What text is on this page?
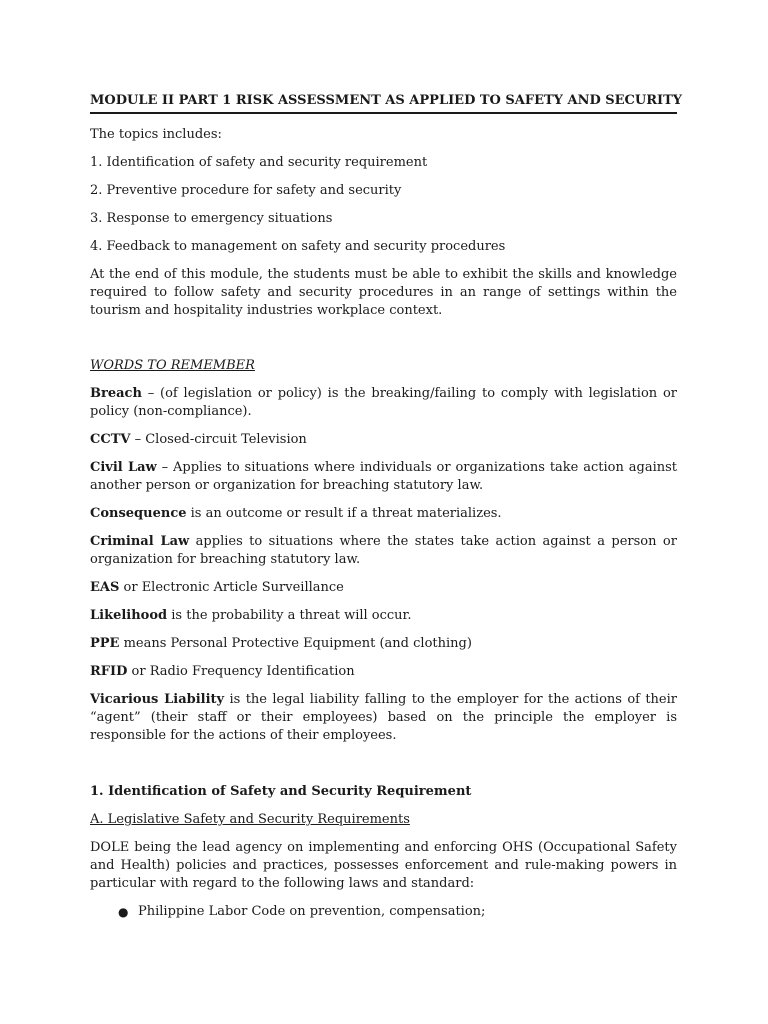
MODULE II PART 1 RISK ASSESSMENT AS APPLIED TO SAFETY AND SECURITY
The topics includes:
1. Identification of safety and security requirement
2. Preventive procedure for safety and security
3. Response to emergency situations
4. Feedback to management on safety and security procedures

At the end of this module, the students must be able to exhibit the skills and knowledge required to follow safety and security procedures in an range of settings within the tourism and hospitality industries workplace context.

WORDS TO REMEMBER

Breach – (of legislation or policy) is the breaking/failing to comply with legislation or policy (non-compliance).

CCTV – Closed-circuit Television

Civil Law – Applies to situations where individuals or organizations take action against another person or organization for breaching statutory law.

Consequence is an outcome or result if a threat materializes.

Criminal Law applies to situations where the states take action against a person or organization for breaching statutory law.

EAS or Electronic Article Surveillance

Likelihood is the probability a threat will occur.

PPE means Personal Protective Equipment (and clothing)

RFID or Radio Frequency Identification

Vicarious Liability is the legal liability falling to the employer for the actions of their “agent” (their staff or their employees) based on the principle the employer is responsible for the actions of their employees.

1. Identification of Safety and Security Requirement
A. Legislative Safety and Security Requirements

DOLE being the lead agency on implementing and enforcing OHS (Occupational Safety and Health) policies and practices, possesses enforcement and rule-making powers in particular with regard to the following laws and standard:

● Philippine Labor Code on prevention, compensation;
